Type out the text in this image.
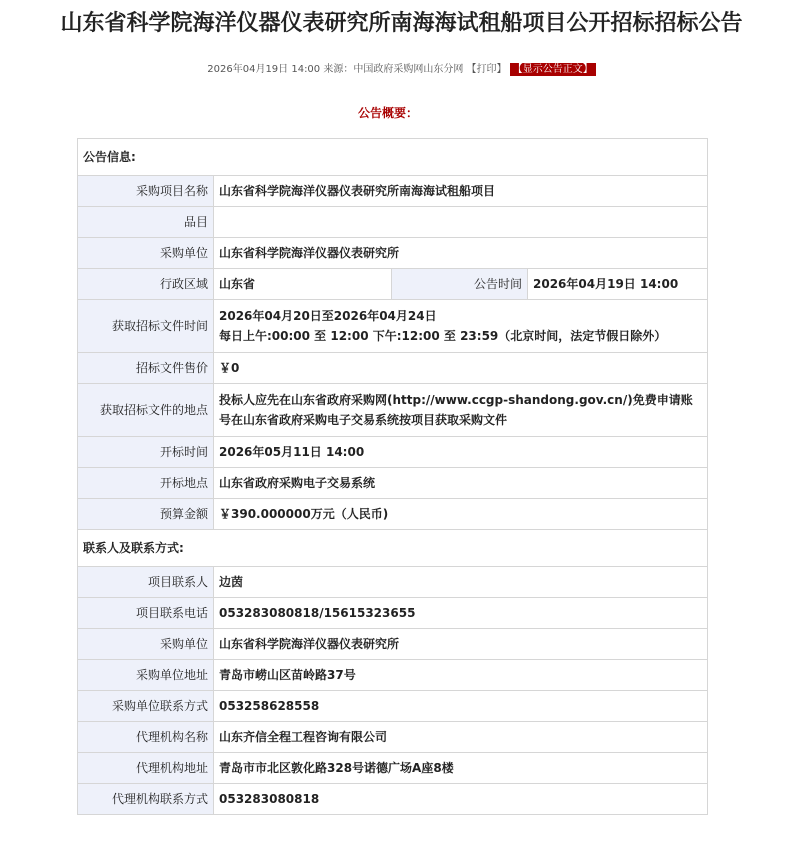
山东省科学院海洋仪器仪表研究所南海海试租船项目公开招标招标公告
2026年04月19日 14:00 来源：中国政府采购网山东分网 【打印】 【显示公告正文】
公告概要：
公告信息:			
采购项目名称	山东省科学院海洋仪器仪表研究所南海海试租船项目		
品目			
采购单位	山东省科学院海洋仪器仪表研究所		
行政区域	山东省	公告时间	2026年04月19日 14:00
获取招标文件时间	2026年04月20日至2026年04月24日
每日上午:00:00 至 12:00 下午:12:00 至 23:59（北京时间，法定节假日除外）		

招标文件售价	￥0		
获取招标文件的地点	投标人应先在山东省政府采购网(http://www.ccgp-shandong.gov.cn/)免费申请账
号在山东省政府采购电子交易系统按项目获取采购文件		

开标时间	2026年05月11日 14:00		
开标地点	山东省政府采购电子交易系统		
预算金额	￥390.000000万元（人民币)		
联系人及联系方式:			
项目联系人	边茵		
项目联系电话	053283080818/15615323655		
采购单位	山东省科学院海洋仪器仪表研究所		
采购单位地址	青岛市崂山区苗岭路37号		
采购单位联系方式	053258628558		
代理机构名称	山东齐信全程工程咨询有限公司		
代理机构地址	青岛市市北区敦化路328号诺德广场A座8楼		
代理机构联系方式	053283080818		
